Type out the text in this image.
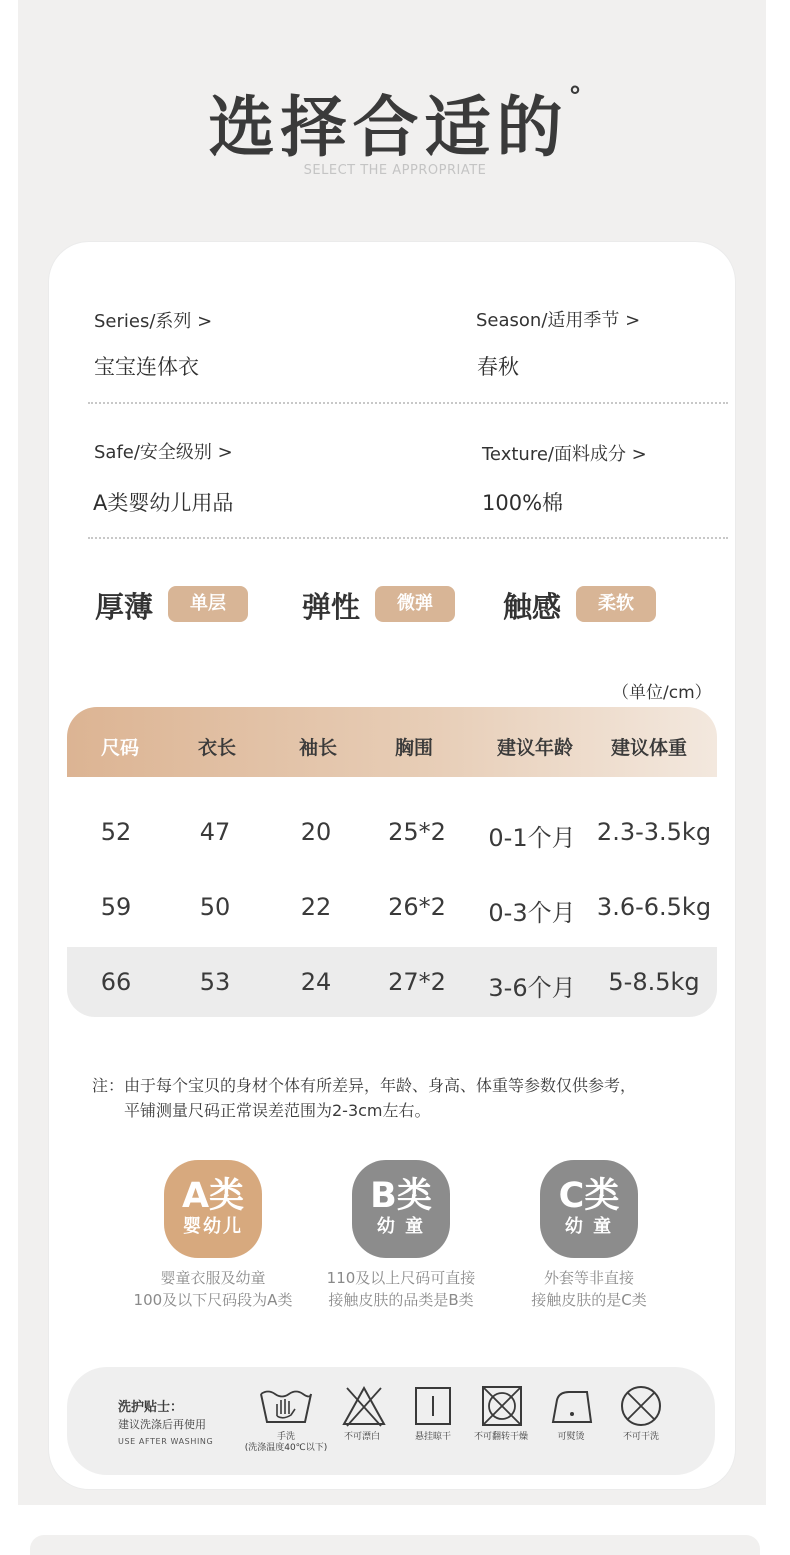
选择合适的°
SELECT THE APPROPRIATE
Series/系列 >
宝宝连体衣
Season/适用季节 >
春秋
Safe/安全级别 >
A类婴幼儿用品
Texture/面料成分 >
100%棉
厚薄	单层	弹性	微弹	触感	柔软
（单位/cm）
尺码	衣长	袖长	胸围	建议年龄 建议体重
52	47	20 25*2 0-1个月 2.3-3.5kg
59	50	22 26*2 0-3个月 3.6-6.5kg
66	53	24 27*2 3-6个月 5-8.5kg
注：由于每个宝贝的身材个体有所差异，年龄、身高、体重等参数仅供参考，
平铺测量尺码正常误差范围为2-3cm左右。
A类
婴幼儿
B类
幼 童
C类
幼 童
婴童衣服及幼童
100及以下尺码段为A类
110及以上尺码可直接
接触皮肤的品类是B类
外套等非直接
接触皮肤的是C类
洗护贴士：
建议洗涤后再使用
USE AFTER WASHING	手洗
(洗涤温度40℃以下)
不可漂白	悬挂晾干	不可翻转干燥	可熨烫	不可干洗
